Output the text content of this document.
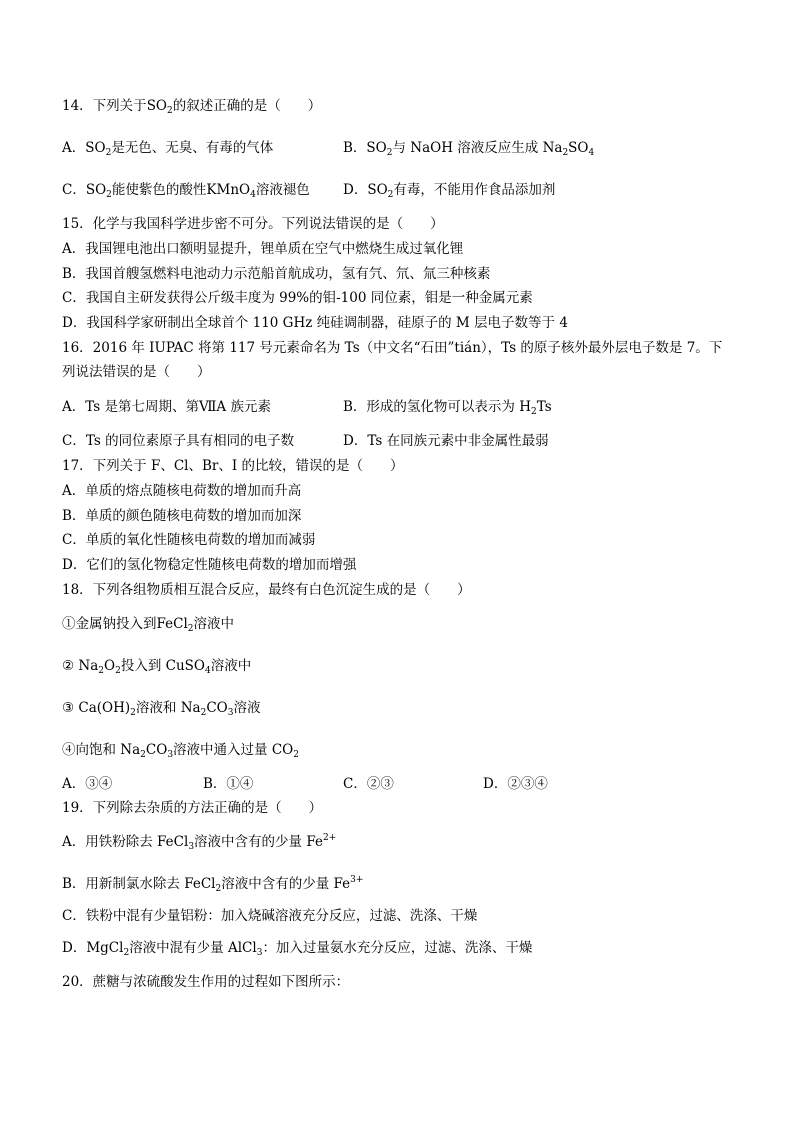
14．下列关于$SO_2$的叙述正确的是（　　）
A．$SO_2$是无色、无臭、有毒的气体	B．$SO_2$与 NaOH 溶液反应生成 $Na_2SO_4$
C．$SO_2$能使紫色的酸性KMnO$_4$溶液褪色 D．$SO_2$有毒，不能用作食品添加剂
15．化学与我国科学进步密不可分。下列说法错误的是（　　）
A．我国锂电池出口额明显提升，锂单质在空气中燃烧生成过氧化锂
B．我国首艘氢燃料电池动力示范船首航成功，氢有氕、氘、氚三种核素
C．我国自主研发获得公斤级丰度为 99%的钼-100 同位素，钼是一种金属元素
D．我国科学家研制出全球首个 110 GHz 纯硅调制器，硅原子的 M 层电子数等于 4
16．2016 年 IUPAC 将第 117 号元素命名为 Ts（中文名“石田”tián），Ts 的原子核外最外层电子数是 7。下
列说法错误的是（　　）
A．Ts 是第七周期、第ⅦA 族元素	B．形成的氢化物可以表示为 $H_2Ts$
C．Ts 的同位素原子具有相同的电子数	D．Ts 在同族元素中非金属性最弱
17．下列关于 F、Cl、Br、I 的比较，错误的是（　　）
A．单质的熔点随核电荷数的增加而升高
B．单质的颜色随核电荷数的增加而加深
C．单质的氧化性随核电荷数的增加而减弱
D．它们的氢化物稳定性随核电荷数的增加而增强
18．下列各组物质相互混合反应，最终有白色沉淀生成的是（　　）
①金属钠投入到FeCl$_2$溶液中
② $Na_2O_2$投入到 CuSO$_4$溶液中
③ $Ca(OH)_2$溶液和 $Na_2CO_3$溶液
④向饱和 $Na_2CO_3$溶液中通入过量 $CO_2$
A．③④	B．①④	C．②③	D．②③④
19．下列除去杂质的方法正确的是（　　）
A．用铁粉除去 FeCl$_3$溶液中含有的少量 $Fe^{2+}$
B．用新制氯水除去 FeCl$_2$溶液中含有的少量 $Fe^{3+}$
C．铁粉中混有少量铝粉：加入烧碱溶液充分反应，过滤、洗涤、干燥
D．MgCl$_2$溶液中混有少量 AlCl$_3$：加入过量氨水充分反应，过滤、洗涤、干燥
20．蔗糖与浓硫酸发生作用的过程如下图所示：
